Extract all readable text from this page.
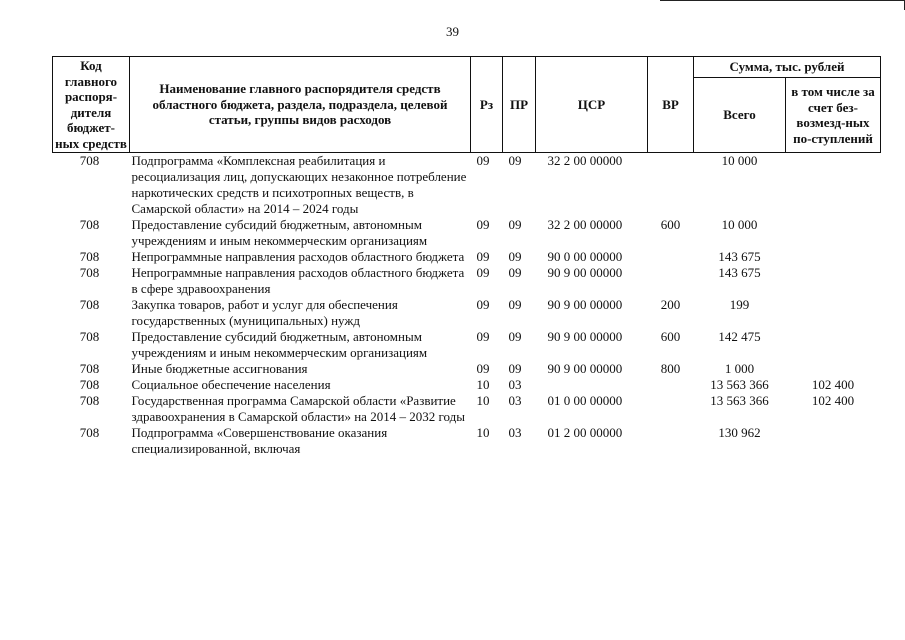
39
Код главного распоря-дителя бюджет-ных средств	Наименование главного распорядителя средств областного бюджета, раздела, подраздела, целевой статьи, группы видов расходов	Рз	ПР	ЦСР	ВР	Сумма, тыс. рублей	
						Всего	в том числе за счет без-возмезд-ных по-ступлений
708	Подпрограмма «Комплексная реабилитация и ресоциализация лиц, допускающих незаконное потребление наркотических средств и психотропных веществ, в Самарской области» на 2014 – 2024 годы	09	09	32 2 00 00000		10 000	
708	Предоставление субсидий бюджетным, автономным учреждениям и иным некоммерческим организациям	09	09	32 2 00 00000	600	10 000	
708	Непрограммные направления расходов областного бюджета	09	09	90 0 00 00000		143 675	
708	Непрограммные направления расходов областного бюджета в сфере здравоохранения	09	09	90 9 00 00000		143 675	
708	Закупка товаров, работ и услуг для обеспечения государственных (муниципальных) нужд	09	09	90 9 00 00000	200	199	
708	Предоставление субсидий бюджетным, автономным учреждениям и иным некоммерческим организациям	09	09	90 9 00 00000	600	142 475	
708	Иные бюджетные ассигнования	09	09	90 9 00 00000	800	1 000	
708	Социальное обеспечение населения	10	03			13 563 366	102 400
708	Государственная программа Самарской области «Развитие здравоохранения в Самарской области» на 2014 – 2032 годы	10	03	01 0 00 00000		13 563 366	102 400
708	Подпрограмма «Совершенствование оказания специализированной, включая	10	03	01 2 00 00000		130 962	
